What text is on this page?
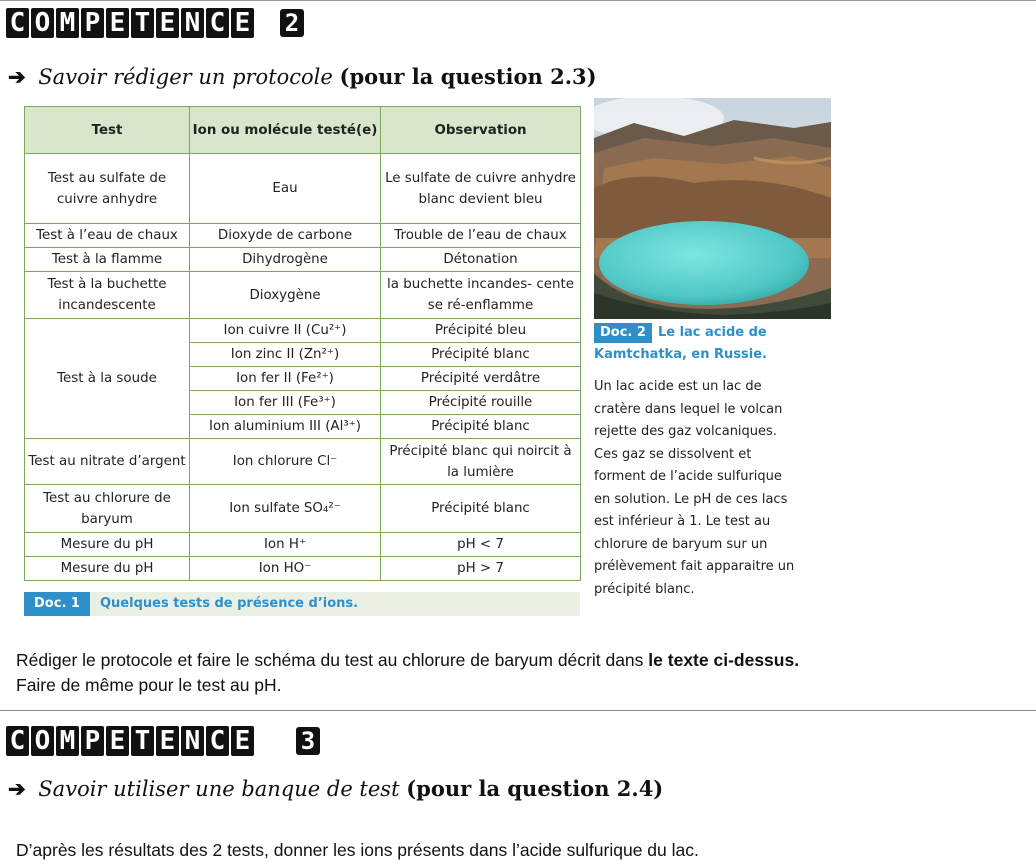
C O M P E T E N C E 2
➔ Savoir rédiger un protocole (pour la question 2.3)
Test	Ion ou molécule testé(e)	Observation
Test au sulfate de cuivre anhydre	Eau	Le sulfate de cuivre anhydre blanc devient bleu
Test à l’eau de chaux	Dioxyde de carbone	Trouble de l’eau de chaux
Test à la flamme	Dihydrogène	Détonation
Test à la buchette incandescente	Dioxygène	la buchette incandes- cente se ré-enflamme
Test à la soude	Ion cuivre II (Cu²⁺)	Précipité bleu
	Ion zinc II (Zn²⁺)	Précipité blanc
	Ion fer II (Fe²⁺)	Précipité verdâtre
	Ion fer III (Fe³⁺)	Précipité rouille
	Ion aluminium III (Al³⁺)	Précipité blanc
Test au nitrate d’argent	Ion chlorure Cl⁻	Précipité blanc qui noircit à la lumière
Test au chlorure de baryum	Ion sulfate SO₄²⁻	Précipité blanc
Mesure du pH	Ion H⁺	pH < 7
Mesure du pH	Ion HO⁻	pH > 7
Doc. 1	Quelques tests de présence d’ions.
Doc. 2 Le lac acide de Kamtchatka, en Russie.
Un lac acide est un lac de
cratère dans lequel le volcan
rejette des gaz volcaniques.
Ces gaz se dissolvent et
forment de l’acide sulfurique
en solution. Le pH de ces lacs
est inférieur à 1. Le test au
chlorure de baryum sur un
prélèvement fait apparaitre un
précipité blanc.
Rédiger le protocole et faire le schéma du test au chlorure de baryum décrit dans le texte ci-dessus.
Faire de même pour le test au pH.
C O M P E T E N C E 3
➔ Savoir utiliser une banque de test (pour la question 2.4)
D’après les résultats des 2 tests, donner les ions présents dans l’acide sulfurique du lac.
